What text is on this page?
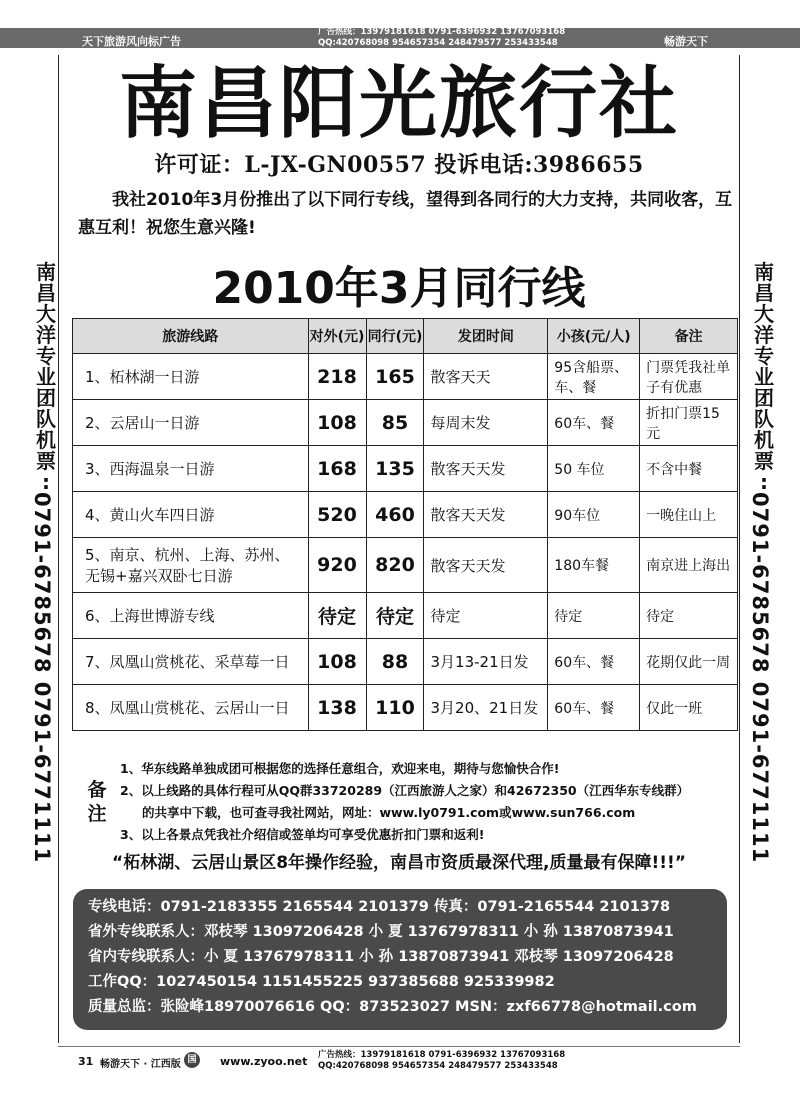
天下旅游风向标广告
广告热线：13979181618 0791-6396932 13767093168
QQ:420768098 954657354 248479577 253433548	畅游天下
南昌阳光旅行社
许可证：L-JX-GN00557 投诉电话:3986655
我社2010年3月份推出了以下同行专线，望得到各同行的大力支持，共同收客，互惠互利！祝您生意兴隆!
2010年3月同行线
南
昌
大
洋
专
业
团
队
机
票
:
0791-6785678 0791-6771111
南
昌
大
洋
专
业
团
队
机
票
:
0791-6785678 0791-6771111
旅游线路	对外(元)	同行(元)	发团时间	小孩(元/人)	备注
1、柘林湖一日游	218	165	散客天天	95含船票、车、餐	门票凭我社单子有优惠
2、云居山一日游	108	85	每周末发	60车、餐	折扣门票15元
3、西海温泉一日游	168	135	散客天天发	50 车位	不含中餐
4、黄山火车四日游	520	460	散客天天发	90车位	一晚住山上
5、南京、杭州、上海、苏州、无锡+嘉兴双卧七日游	920	820	散客天天发	180车餐	南京进上海出
6、上海世博游专线	待定	待定	待定	待定	待定
7、凤凰山赏桃花、采草莓一日	108	88	3月13-21日发	60车、餐	花期仅此一周
8、凤凰山赏桃花、云居山一日	138	110	3月20、21日发	60车、餐	仅此一班
备注
1、华东线路单独成团可根据您的选择任意组合，欢迎来电，期待与您愉快合作!
2、以上线路的具体行程可从QQ群33720289（江西旅游人之家）和42672350（江西华东专线群）
的共享中下载，也可查寻我社网站，网址：www.ly0791.com或www.sun766.com
3、以上各景点凭我社介绍信或签单均可享受优惠折扣门票和返利!
“柘林湖、云居山景区8年操作经验，南昌市资质最深代理,质量最有保障!!!”
专线电话：0791-2183355 2165544 2101379 传真：0791-2165544 2101378
省外专线联系人：邓枝琴 13097206428 小 夏 13767978311 小 孙 13870873941
省内专线联系人：小 夏 13767978311 小 孙 13870873941 邓枝琴 13097206428
工作QQ：1027450154 1151455225 937385688 925339982
质量总监：张险峰18970076616 QQ：873523027 MSN：zxf66778@hotmail.com
31 畅游天下 · 江西版 国	www.zyoo.net 广告热线：13979181618 0791-6396932 13767093168
QQ:420768098 954657354 248479577 253433548
